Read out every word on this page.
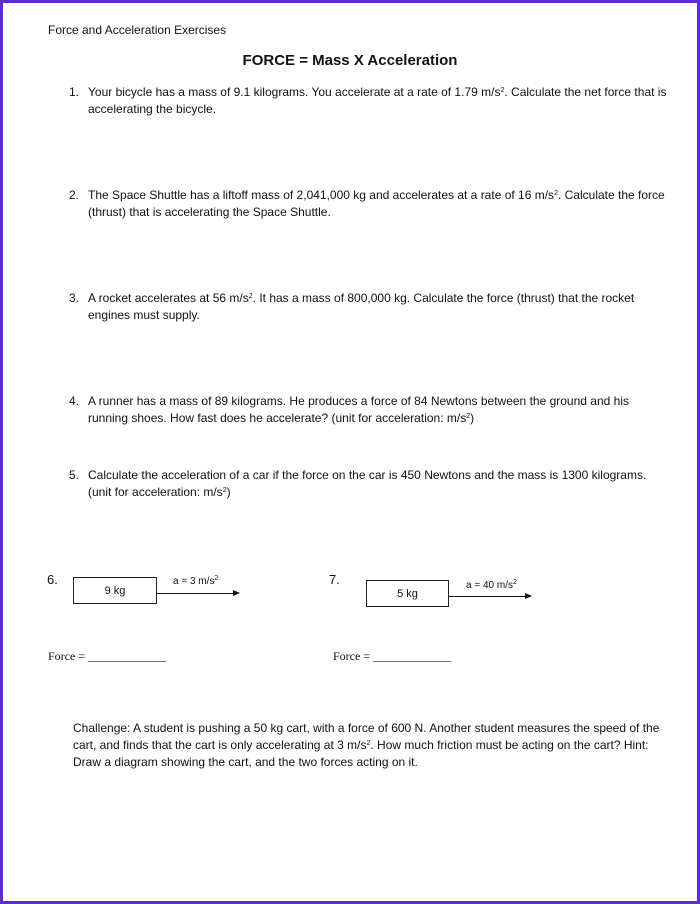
Force and Acceleration Exercises
FORCE = Mass X Acceleration
1. Your bicycle has a mass of 9.1 kilograms. You accelerate at a rate of 1.79 $m/s^2$. Calculate the net force that is accelerating the bicycle.
2. The Space Shuttle has a liftoff mass of 2,041,000 kg and accelerates at a rate of 16 $m/s^2$. Calculate the force (thrust) that is accelerating the Space Shuttle.
3. A rocket accelerates at 56 $m/s^2$. It has a mass of 800,000 kg. Calculate the force (thrust) that the rocket engines must supply.
4. A runner has a mass of 89 kilograms. He produces a force of 84 Newtons between the ground and his running shoes. How fast does he accelerate? (unit for acceleration: $m/s^2$)
5. Calculate the acceleration of a car if the force on the car is 450 Newtons and the mass is 1300 kilograms. (unit for acceleration: $m/s^2$)
6.
9 kg
a = 3 $m/s^2$
Force = _____________
7.
5 kg
a = 40 $m/s^2$
Force = _____________
Challenge: A student is pushing a 50 kg cart, with a force of 600 N. Another student measures the speed of the cart, and finds that the cart is only accelerating at 3 $m/s^2$. How much friction must be acting on the cart? Hint: Draw a diagram showing the cart, and the two forces acting on it.
